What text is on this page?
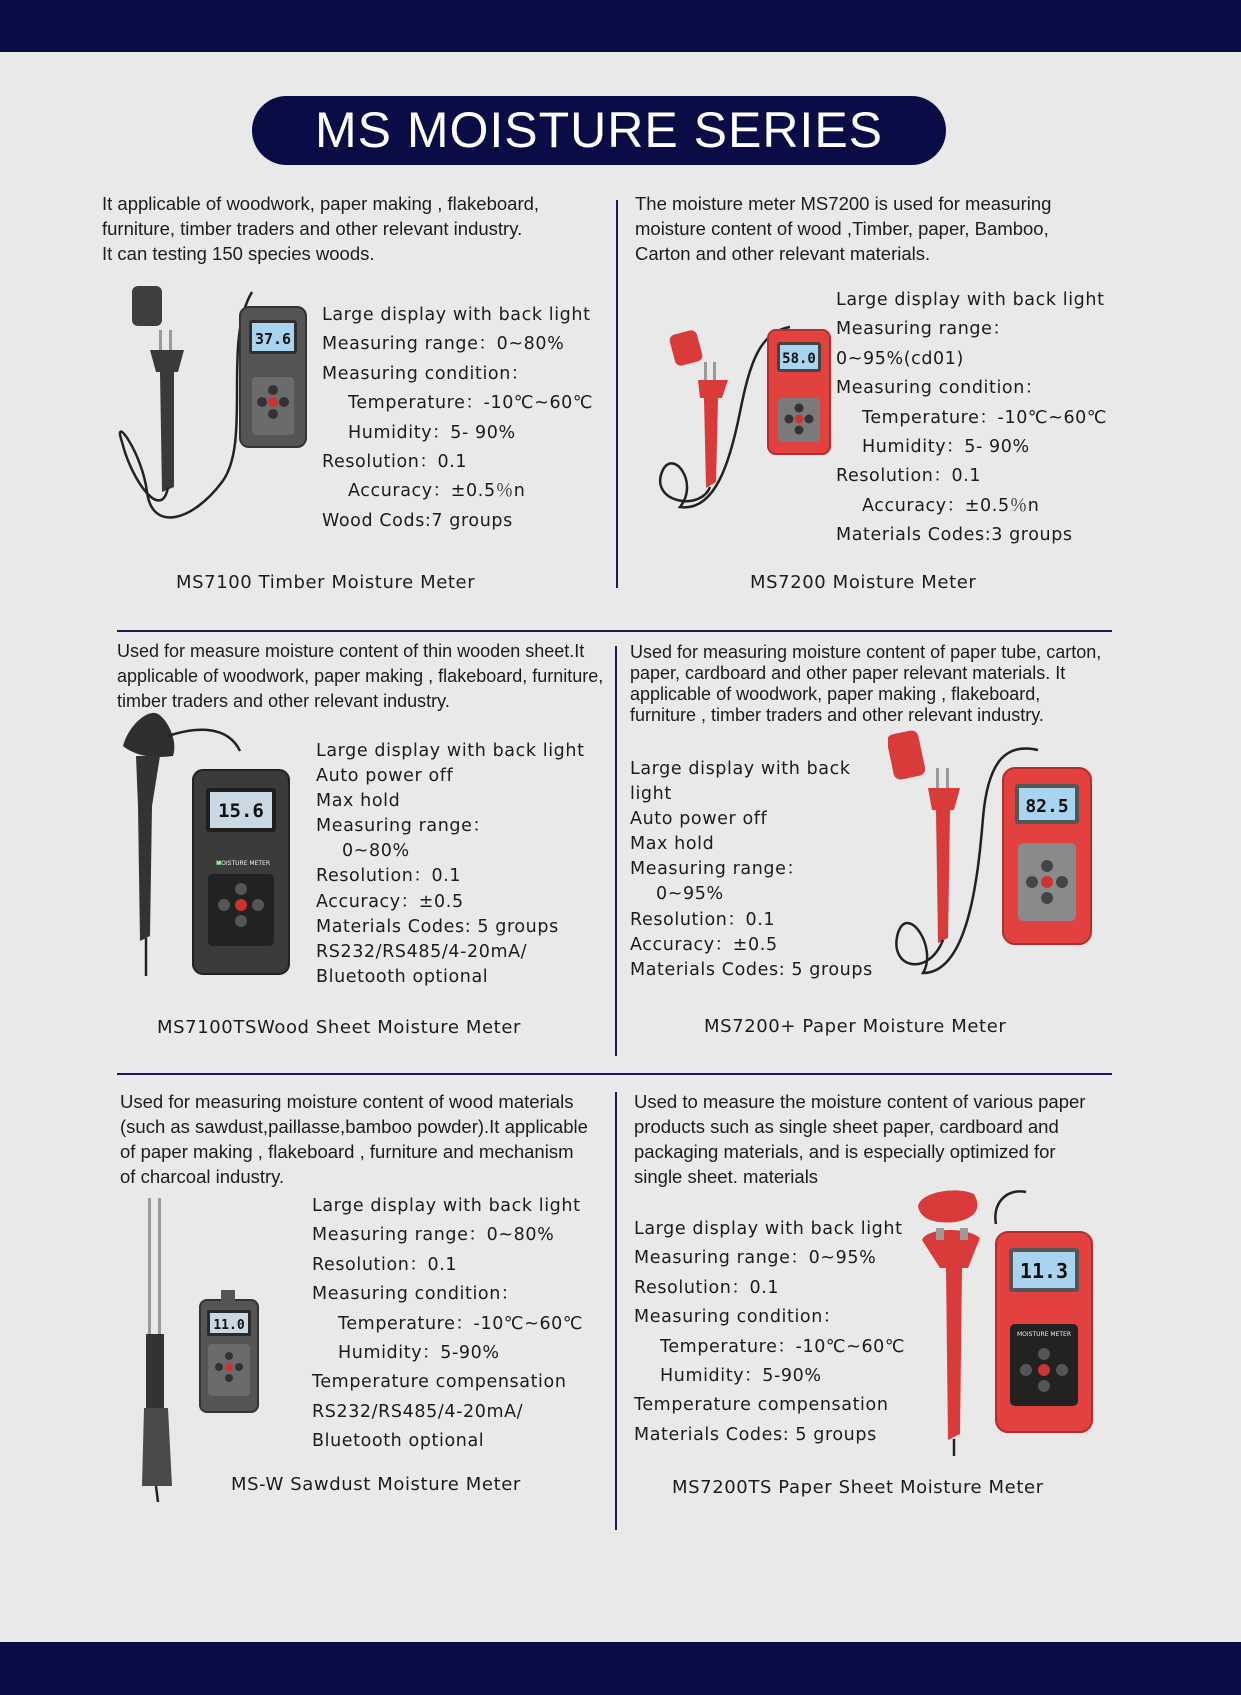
MS MOISTURE SERIES
It applicable of woodwork, paper making , flakeboard,
furniture, timber traders and other relevant industry.
It can testing 150 species woods.
37.6
Large display with back light
Measuring range：0~80%
Measuring condition：
Temperature：-10℃~60℃
Humidity：5- 90%
Resolution：0.1
Accuracy：±0.5％n
Wood Cods:7 groups
MS7100 Timber Moisture Meter
The moisture meter MS7200 is used for measuring
moisture content of wood ,Timber, paper, Bamboo,
Carton and other relevant materials.
58.0
Large display with back light
Measuring range：
0~95%(cd01)
Measuring condition：
Temperature：-10℃~60℃
Humidity：5- 90%
Resolution：0.1
Accuracy：±0.5％n
Materials Codes:3 groups
MS7200 Moisture Meter
Used for measure moisture content of thin wooden sheet.It
applicable of woodwork, paper making , flakeboard, furniture,
timber traders and other relevant industry.
15.6
MOISTURE METER
Large display with back light
Auto power off
Max hold
Measuring range：
0~80%
Resolution：0.1
Accuracy：±0.5
Materials Codes: 5 groups
RS232/RS485/4-20mA/
Bluetooth optional
MS7100TSWood Sheet Moisture Meter
Used for measuring moisture content of paper tube, carton,
paper, cardboard and other paper relevant materials. It
applicable of woodwork, paper making , flakeboard,
furniture , timber traders and other relevant industry.
82.5
Large display with back
light
Auto power off
Max hold
Measuring range：
0~95%
Resolution：0.1
Accuracy：±0.5
Materials Codes: 5 groups
MS7200+ Paper Moisture Meter
Used for measuring moisture content of wood materials
(such as sawdust,paillasse,bamboo powder).It applicable
of paper making , flakeboard , furniture and mechanism
of charcoal industry.
11.0
Large display with back light
Measuring range：0~80%
Resolution：0.1
Measuring condition：
Temperature：-10℃~60℃
Humidity：5-90%
Temperature compensation
RS232/RS485/4-20mA/
Bluetooth optional
MS-W Sawdust Moisture Meter
Used to measure the moisture content of various paper
products such as single sheet paper, cardboard and
packaging materials, and is especially optimized for
single sheet. materials
11.3
MOISTURE METER
Large display with back light
Measuring range：0~95%
Resolution：0.1
Measuring condition：
Temperature：-10℃~60℃
Humidity：5-90%
Temperature compensation
Materials Codes: 5 groups
MS7200TS Paper Sheet Moisture Meter
